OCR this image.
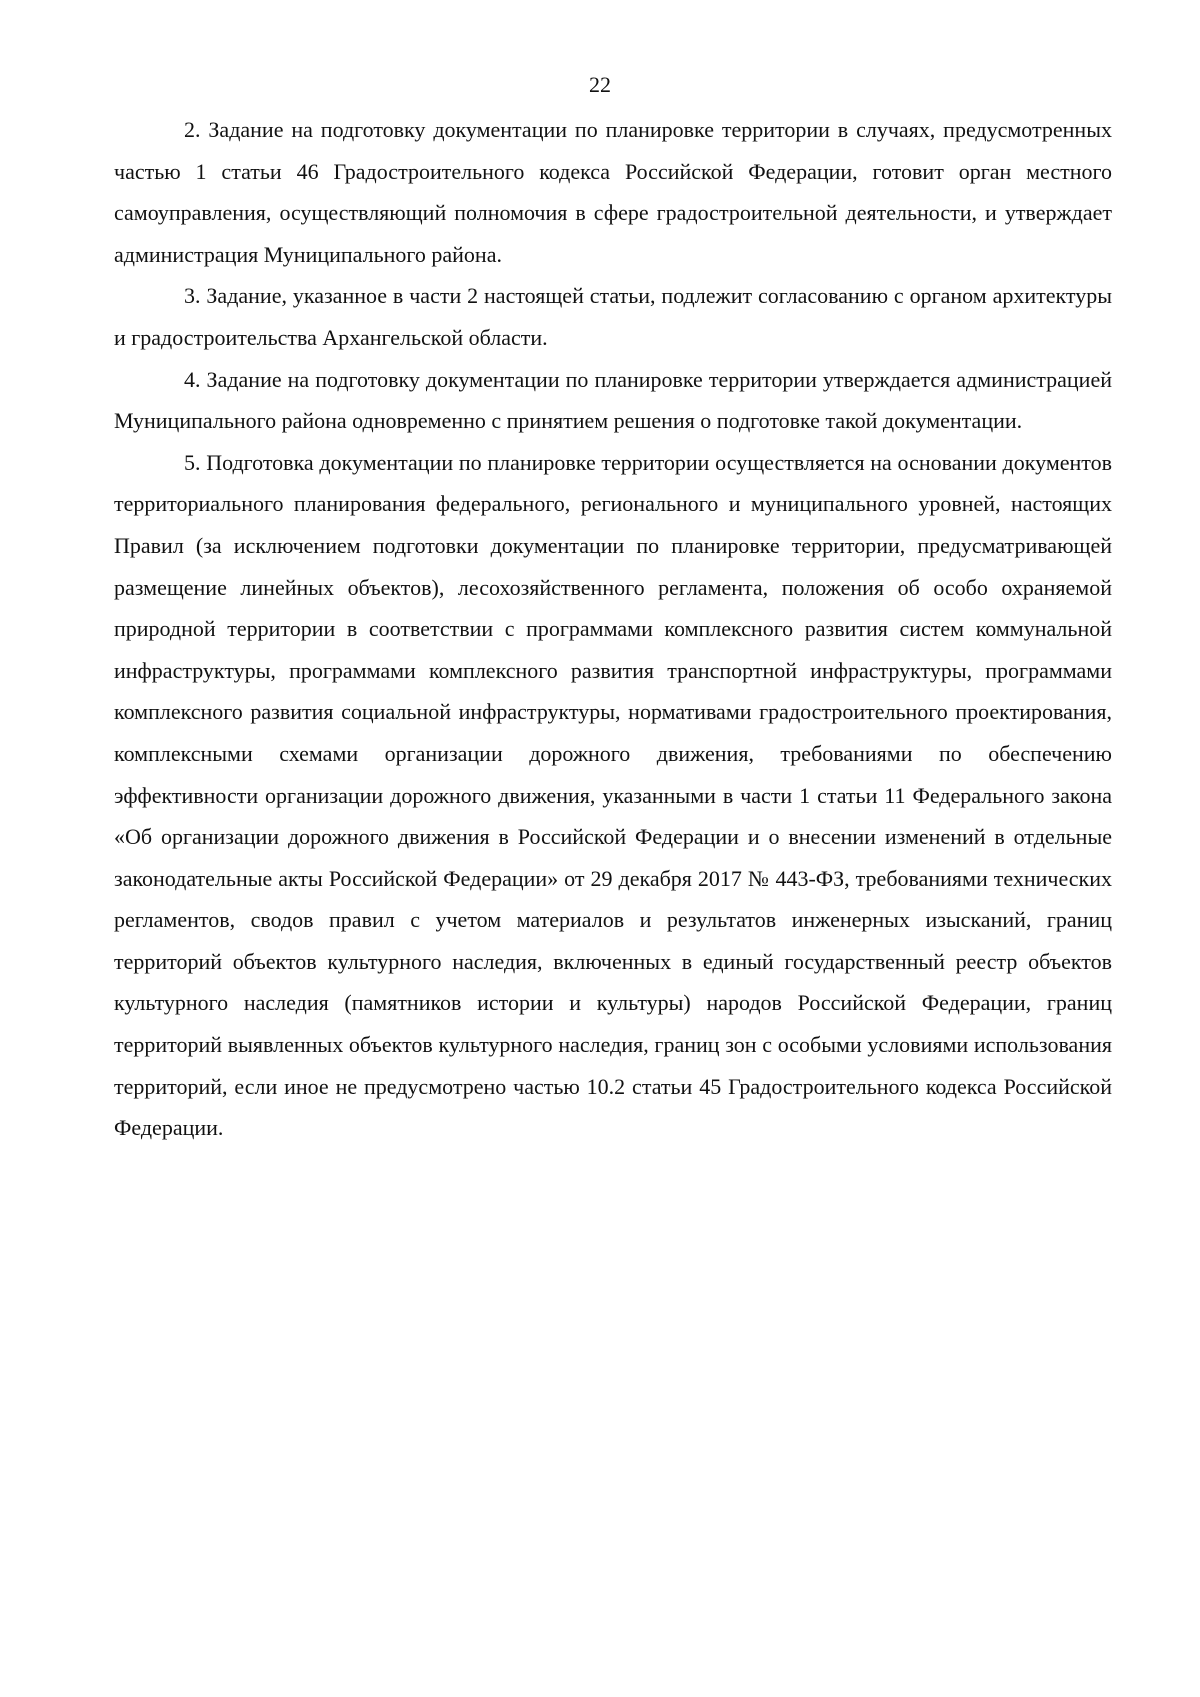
22

2. Задание на подготовку документации по планировке территории в случаях, предусмотренных частью 1 статьи 46 Градостроительного кодекса Российской Федерации, готовит орган местного самоуправления, осуществляющий полномочия в сфере градостроительной деятельности, и утверждает администрация Муниципального района.

3. Задание, указанное в части 2 настоящей статьи, подлежит согласованию с органом архитектуры и градостроительства Архангельской области.

4. Задание на подготовку документации по планировке территории утверждается администрацией Муниципального района одновременно с принятием решения о подготовке такой документации.

5. Подготовка документации по планировке территории осуществляется на основании документов территориального планирования федерального, регионального и муниципального уровней, настоящих Правил (за исключением подготовки документации по планировке территории, предусматривающей размещение линейных объектов), лесохозяйственного регламента, положения об особо охраняемой природной территории в соответствии с программами комплексного развития систем коммунальной инфраструктуры, программами комплексного развития транспортной инфраструктуры, программами комплексного развития социальной инфраструктуры, нормативами градостроительного проектирования, комплексными схемами организации дорожного движения, требованиями по обеспечению эффективности организации дорожного движения, указанными в части 1 статьи 11 Федерального закона «Об организации дорожного движения в Российской Федерации и о внесении изменений в отдельные законодательные акты Российской Федерации» от 29 декабря 2017 № 443-ФЗ, требованиями технических регламентов, сводов правил с учетом материалов и результатов инженерных изысканий, границ территорий объектов культурного наследия, включенных в единый государственный реестр объектов культурного наследия (памятников истории и культуры) народов Российской Федерации, границ территорий выявленных объектов культурного наследия, границ зон с особыми условиями использования территорий, если иное не предусмотрено частью 10.2 статьи 45 Градостроительного кодекса Российской Федерации.
